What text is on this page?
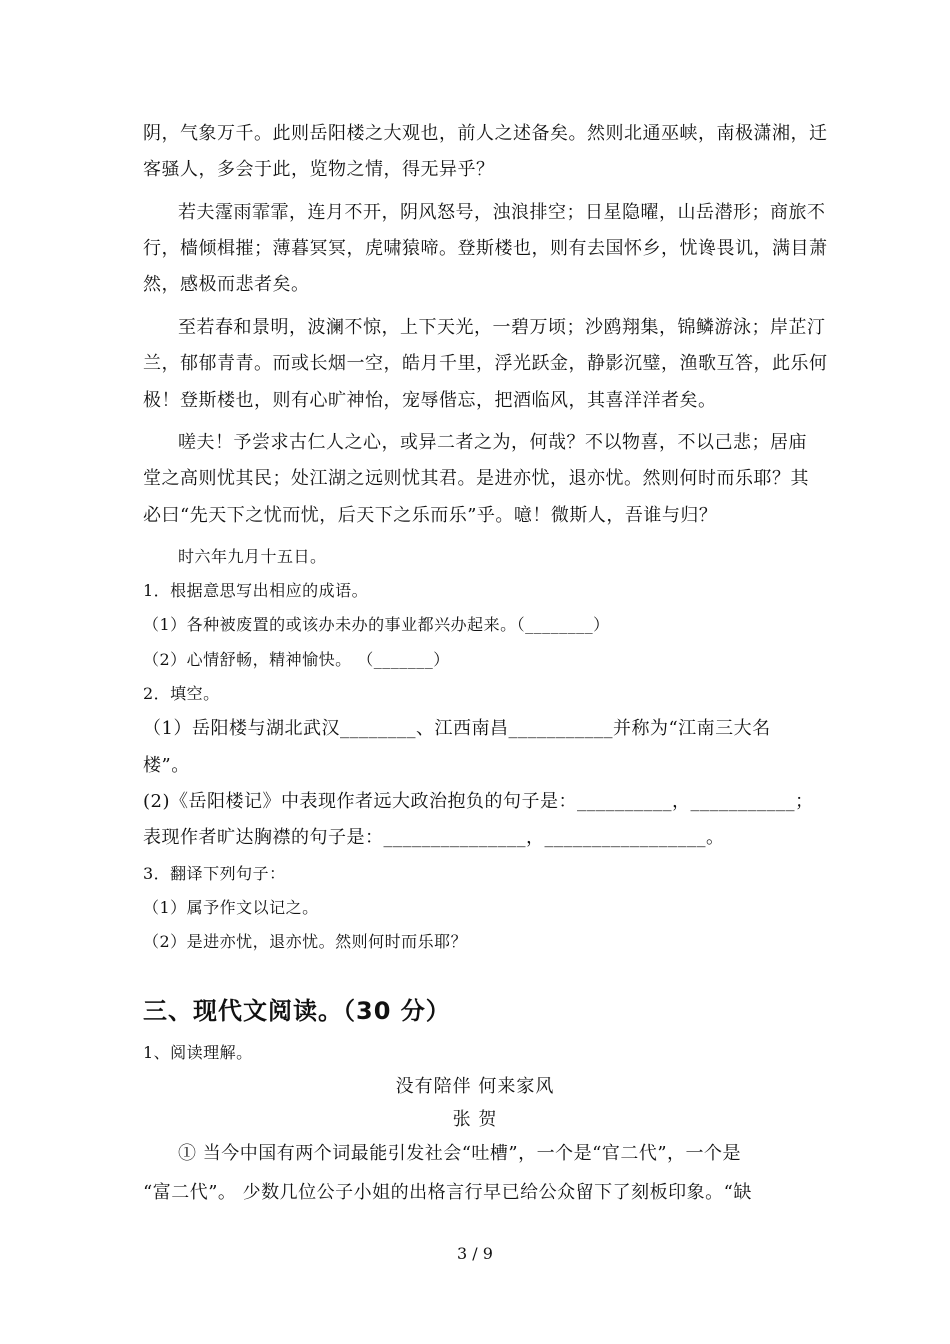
阴，气象万千。此则岳阳楼之大观也，前人之述备矣。然则北通巫峡，南极潇湘，迁
客骚人，多会于此，览物之情，得无异乎？
若夫霪雨霏霏，连月不开，阴风怒号，浊浪排空；日星隐曜，山岳潜形；商旅不
行，樯倾楫摧；薄暮冥冥，虎啸猿啼。登斯楼也，则有去国怀乡，忧谗畏讥，满目萧
然，感极而悲者矣。
至若春和景明，波澜不惊，上下天光，一碧万顷；沙鸥翔集，锦鳞游泳；岸芷汀
兰，郁郁青青。而或长烟一空，皓月千里，浮光跃金，静影沉璧，渔歌互答，此乐何
极！登斯楼也，则有心旷神怡，宠辱偕忘，把酒临风，其喜洋洋者矣。
嗟夫！予尝求古仁人之心，或异二者之为，何哉？不以物喜，不以己悲；居庙
堂之高则忧其民；处江湖之远则忧其君。是进亦忧，退亦忧。然则何时而乐耶？其
必曰“先天下之忧而忧，后天下之乐而乐”乎。噫！微斯人，吾谁与归？
时六年九月十五日。
1．根据意思写出相应的成语。
（1）各种被废置的或该办未办的事业都兴办起来。（________）
（2）心情舒畅，精神愉快。 （_______）
2．填空。
（1）岳阳楼与湖北武汉________、江西南昌___________并称为“江南三大名
楼”。
(2)《岳阳楼记》中表现作者远大政治抱负的句子是：__________，___________；
表现作者旷达胸襟的句子是：_______________，_________________。
3．翻译下列句子：
（1）属予作文以记之。
（2）是进亦忧，退亦忧。然则何时而乐耶？
三、现代文阅读。（30 分）
1、阅读理解。
没有陪伴 何来家风
张 贺
① 当今中国有两个词最能引发社会“吐槽”，一个是“官二代”，一个是
“富二代”。 少数几位公子小姐的出格言行早已给公众留下了刻板印象。“缺
3 / 9
